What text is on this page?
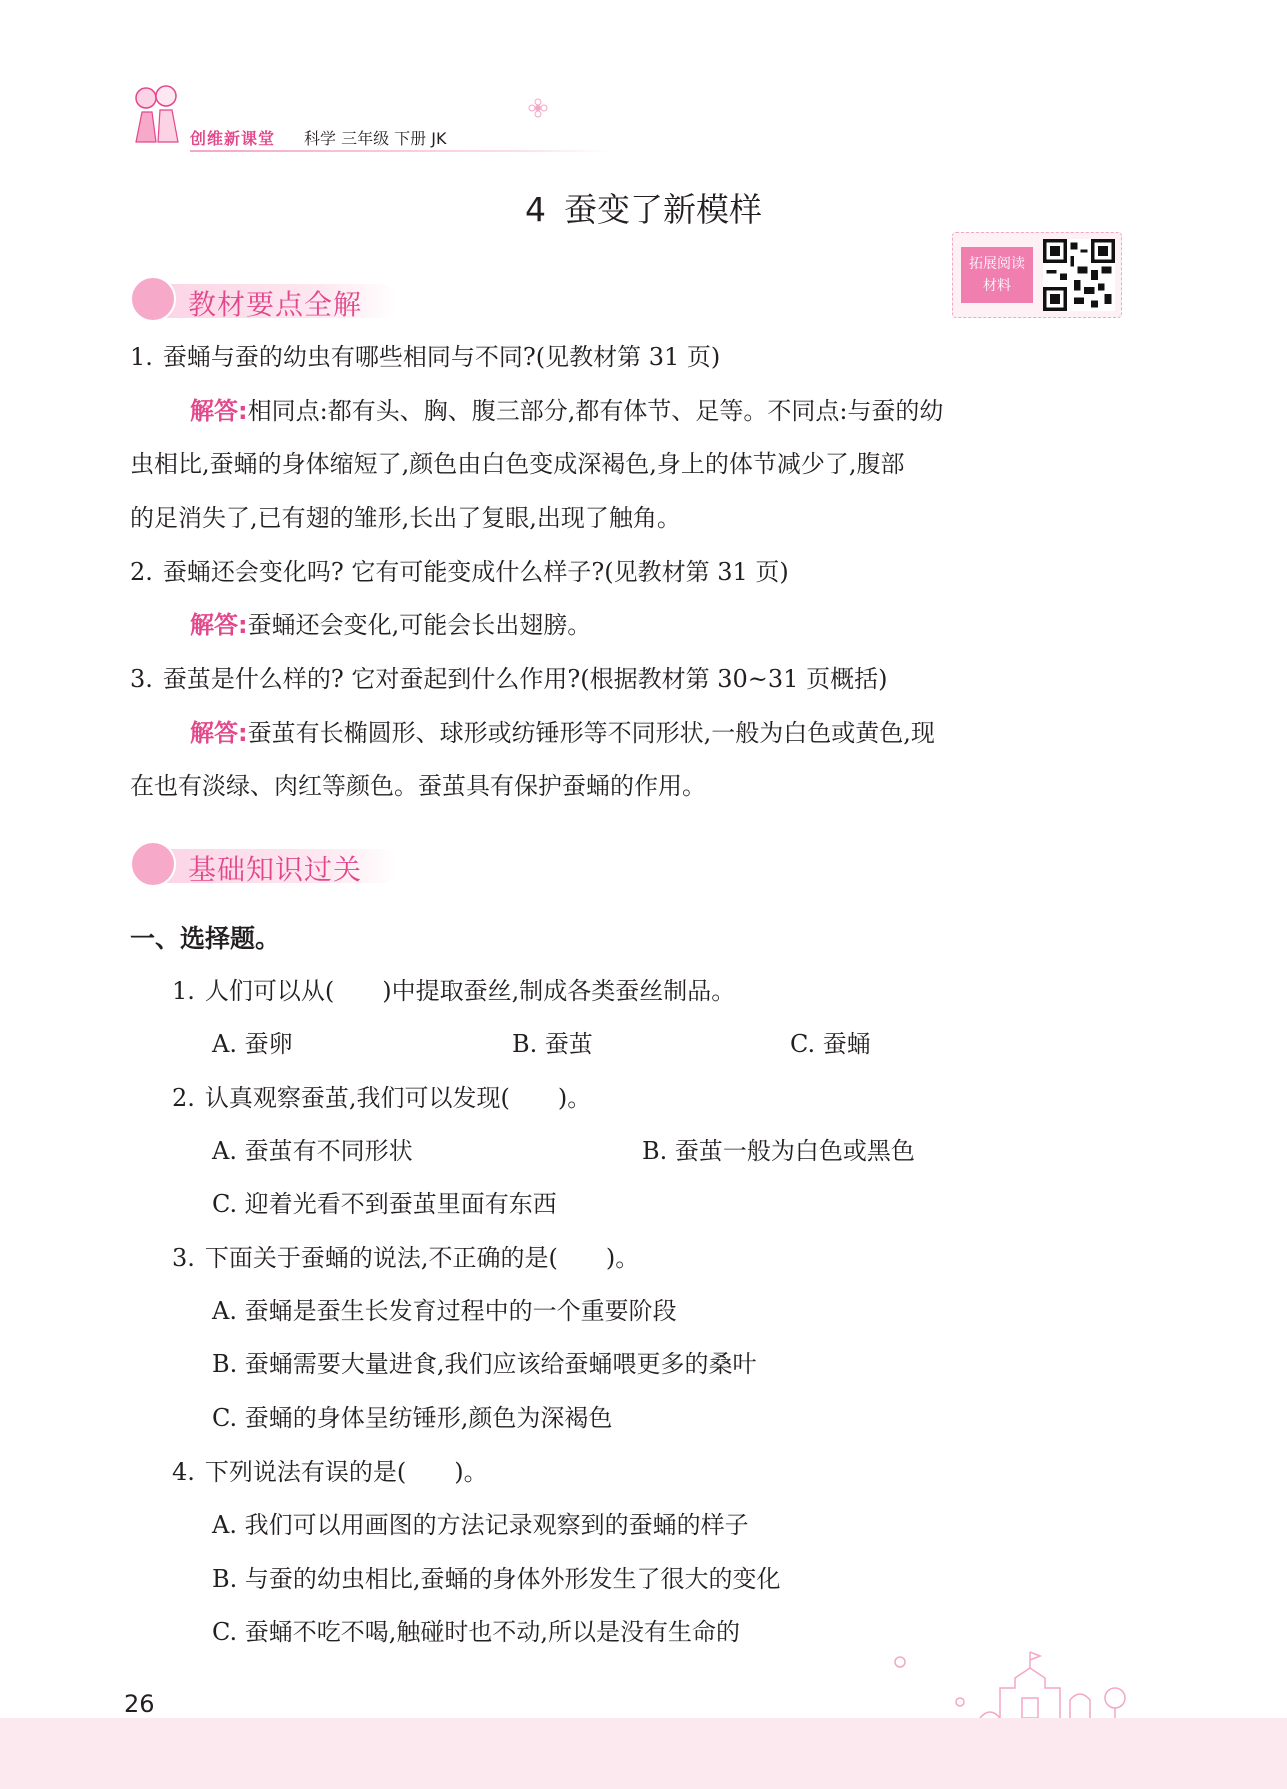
创维新课堂 科学 三年级 下册 JK
4 蚕变了新模样
拓展阅读
材料
教材要点全解
1. 蚕蛹与蚕的幼虫有哪些相同与不同?(见教材第 31 页)
解答:相同点:都有头、胸、腹三部分,都有体节、足等。不同点:与蚕的幼
虫相比,蚕蛹的身体缩短了,颜色由白色变成深褐色,身上的体节减少了,腹部
的足消失了,已有翅的雏形,长出了复眼,出现了触角。
2. 蚕蛹还会变化吗? 它有可能变成什么样子?(见教材第 31 页)
解答:蚕蛹还会变化,可能会长出翅膀。
3. 蚕茧是什么样的? 它对蚕起到什么作用?(根据教材第 30~31 页概括)
解答:蚕茧有长椭圆形、球形或纺锤形等不同形状,一般为白色或黄色,现
在也有淡绿、肉红等颜色。蚕茧具有保护蚕蛹的作用。
基础知识过关
一、选择题。
1. 人们可以从(　　)中提取蚕丝,制成各类蚕丝制品。
A. 蚕卵	B. 蚕茧	C. 蚕蛹
2. 认真观察蚕茧,我们可以发现(　　)。
A. 蚕茧有不同形状	B. 蚕茧一般为白色或黑色
C. 迎着光看不到蚕茧里面有东西
3. 下面关于蚕蛹的说法,不正确的是(　　)。
A. 蚕蛹是蚕生长发育过程中的一个重要阶段
B. 蚕蛹需要大量进食,我们应该给蚕蛹喂更多的桑叶
C. 蚕蛹的身体呈纺锤形,颜色为深褐色
4. 下列说法有误的是(　　)。
A. 我们可以用画图的方法记录观察到的蚕蛹的样子
B. 与蚕的幼虫相比,蚕蛹的身体外形发生了很大的变化
C. 蚕蛹不吃不喝,触碰时也不动,所以是没有生命的
26
